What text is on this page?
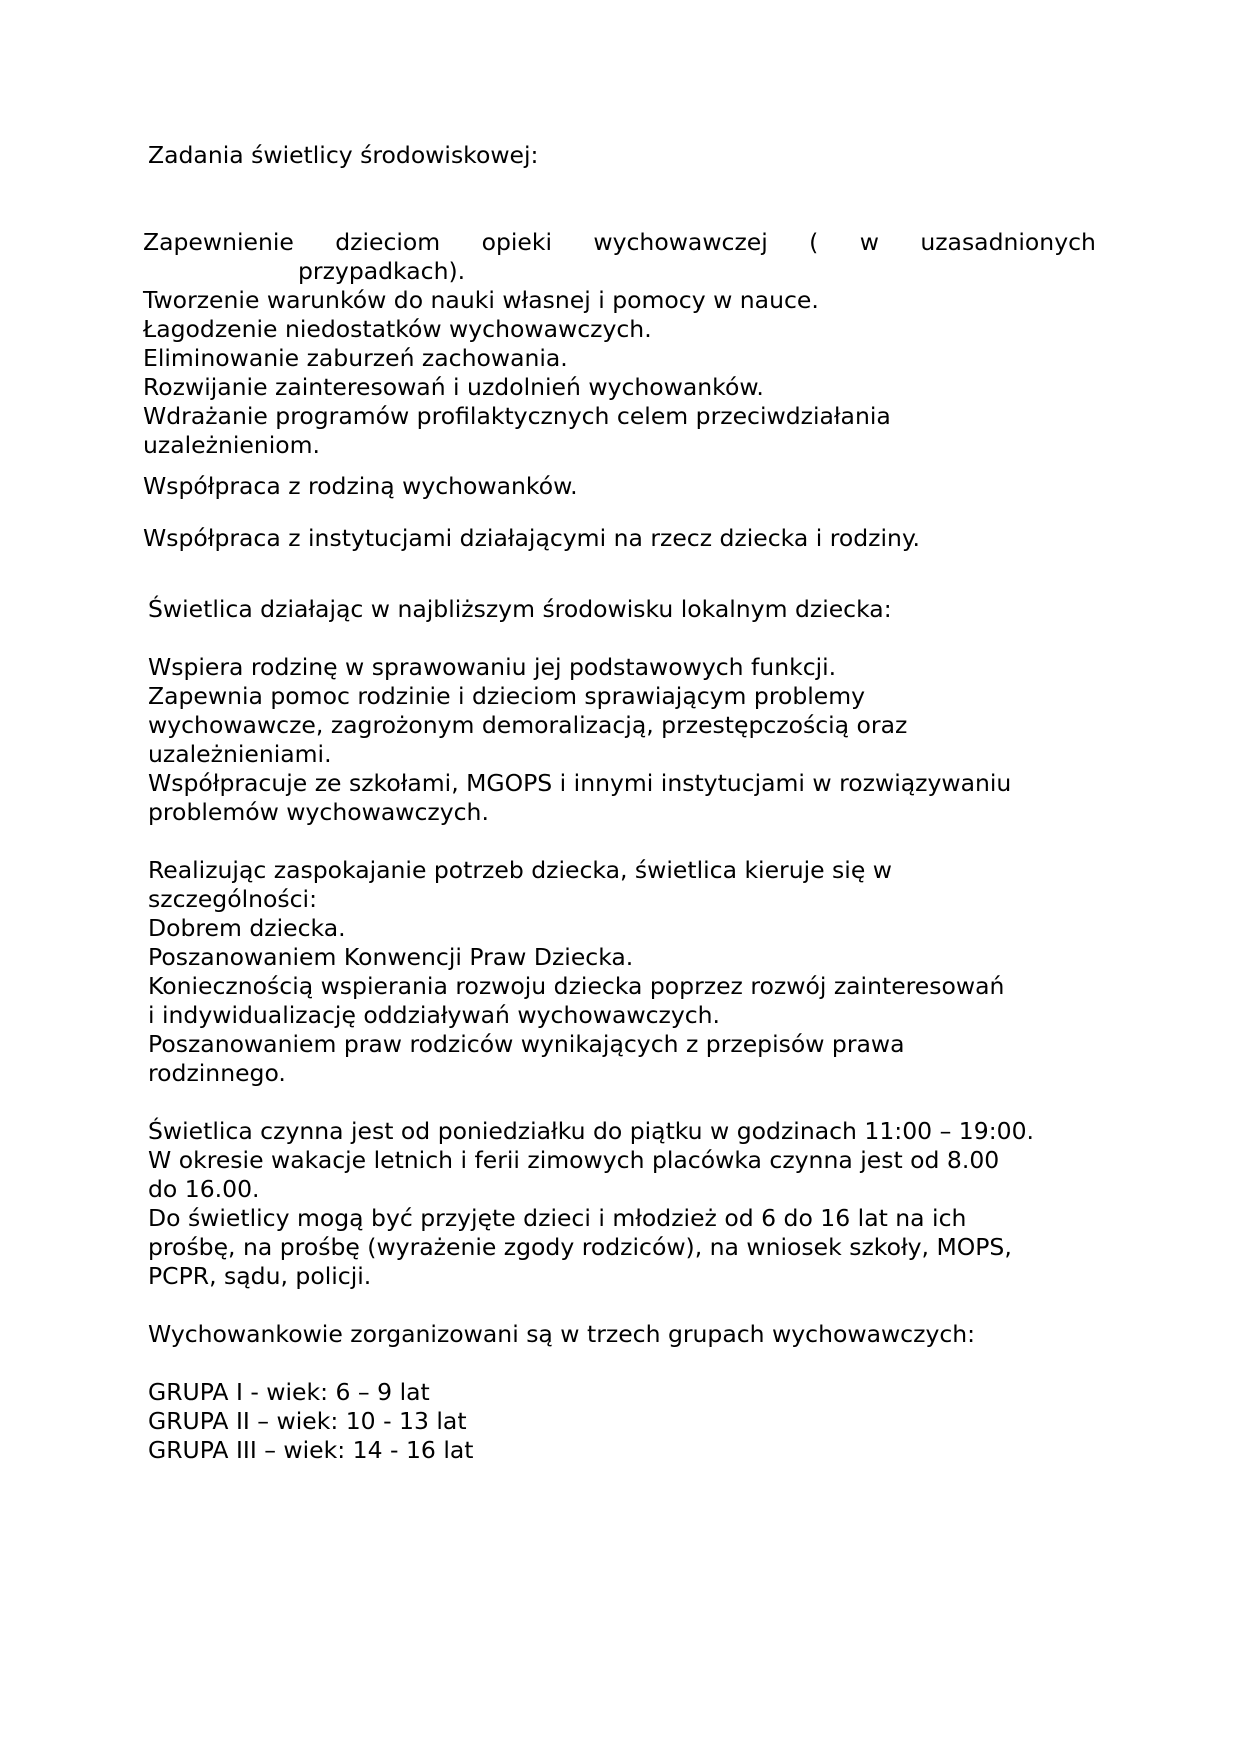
Zadania świetlicy środowiskowej:
Zapewnienie dzieciom opieki wychowawczej ( w uzasadnionych
przypadkach).
Tworzenie warunków do nauki własnej i pomocy w nauce.
Łagodzenie niedostatków wychowawczych.
Eliminowanie zaburzeń zachowania.
Rozwijanie zainteresowań i uzdolnień wychowanków.
Wdrażanie programów profilaktycznych celem przeciwdziałania
uzależnieniom.
Współpraca z rodziną wychowanków.
Współpraca z instytucjami działającymi na rzecz dziecka i rodziny.
Świetlica działając w najbliższym środowisku lokalnym dziecka:
Wspiera rodzinę w sprawowaniu jej podstawowych funkcji.
Zapewnia pomoc rodzinie i dzieciom sprawiającym problemy
wychowawcze, zagrożonym demoralizacją, przestępczością oraz
uzależnieniami.
Współpracuje ze szkołami, MGOPS i innymi instytucjami w rozwiązywaniu
problemów wychowawczych.
Realizując zaspokajanie potrzeb dziecka, świetlica kieruje się w
szczególności:
Dobrem dziecka.
Poszanowaniem Konwencji Praw Dziecka.
Koniecznością wspierania rozwoju dziecka poprzez rozwój zainteresowań
i indywidualizację oddziaływań wychowawczych.
Poszanowaniem praw rodziców wynikających z przepisów prawa
rodzinnego.
Świetlica czynna jest od poniedziałku do piątku w godzinach 11:00 – 19:00.
W okresie wakacje letnich i ferii zimowych placówka czynna jest od 8.00
do 16.00.
Do świetlicy mogą być przyjęte dzieci i młodzież od 6 do 16 lat na ich
prośbę, na prośbę (wyrażenie zgody rodziców), na wniosek szkoły, MOPS,
PCPR, sądu, policji.
Wychowankowie zorganizowani są w trzech grupach wychowawczych:
GRUPA I - wiek: 6 – 9 lat
GRUPA II – wiek: 10 - 13 lat
GRUPA III – wiek: 14 - 16 lat
